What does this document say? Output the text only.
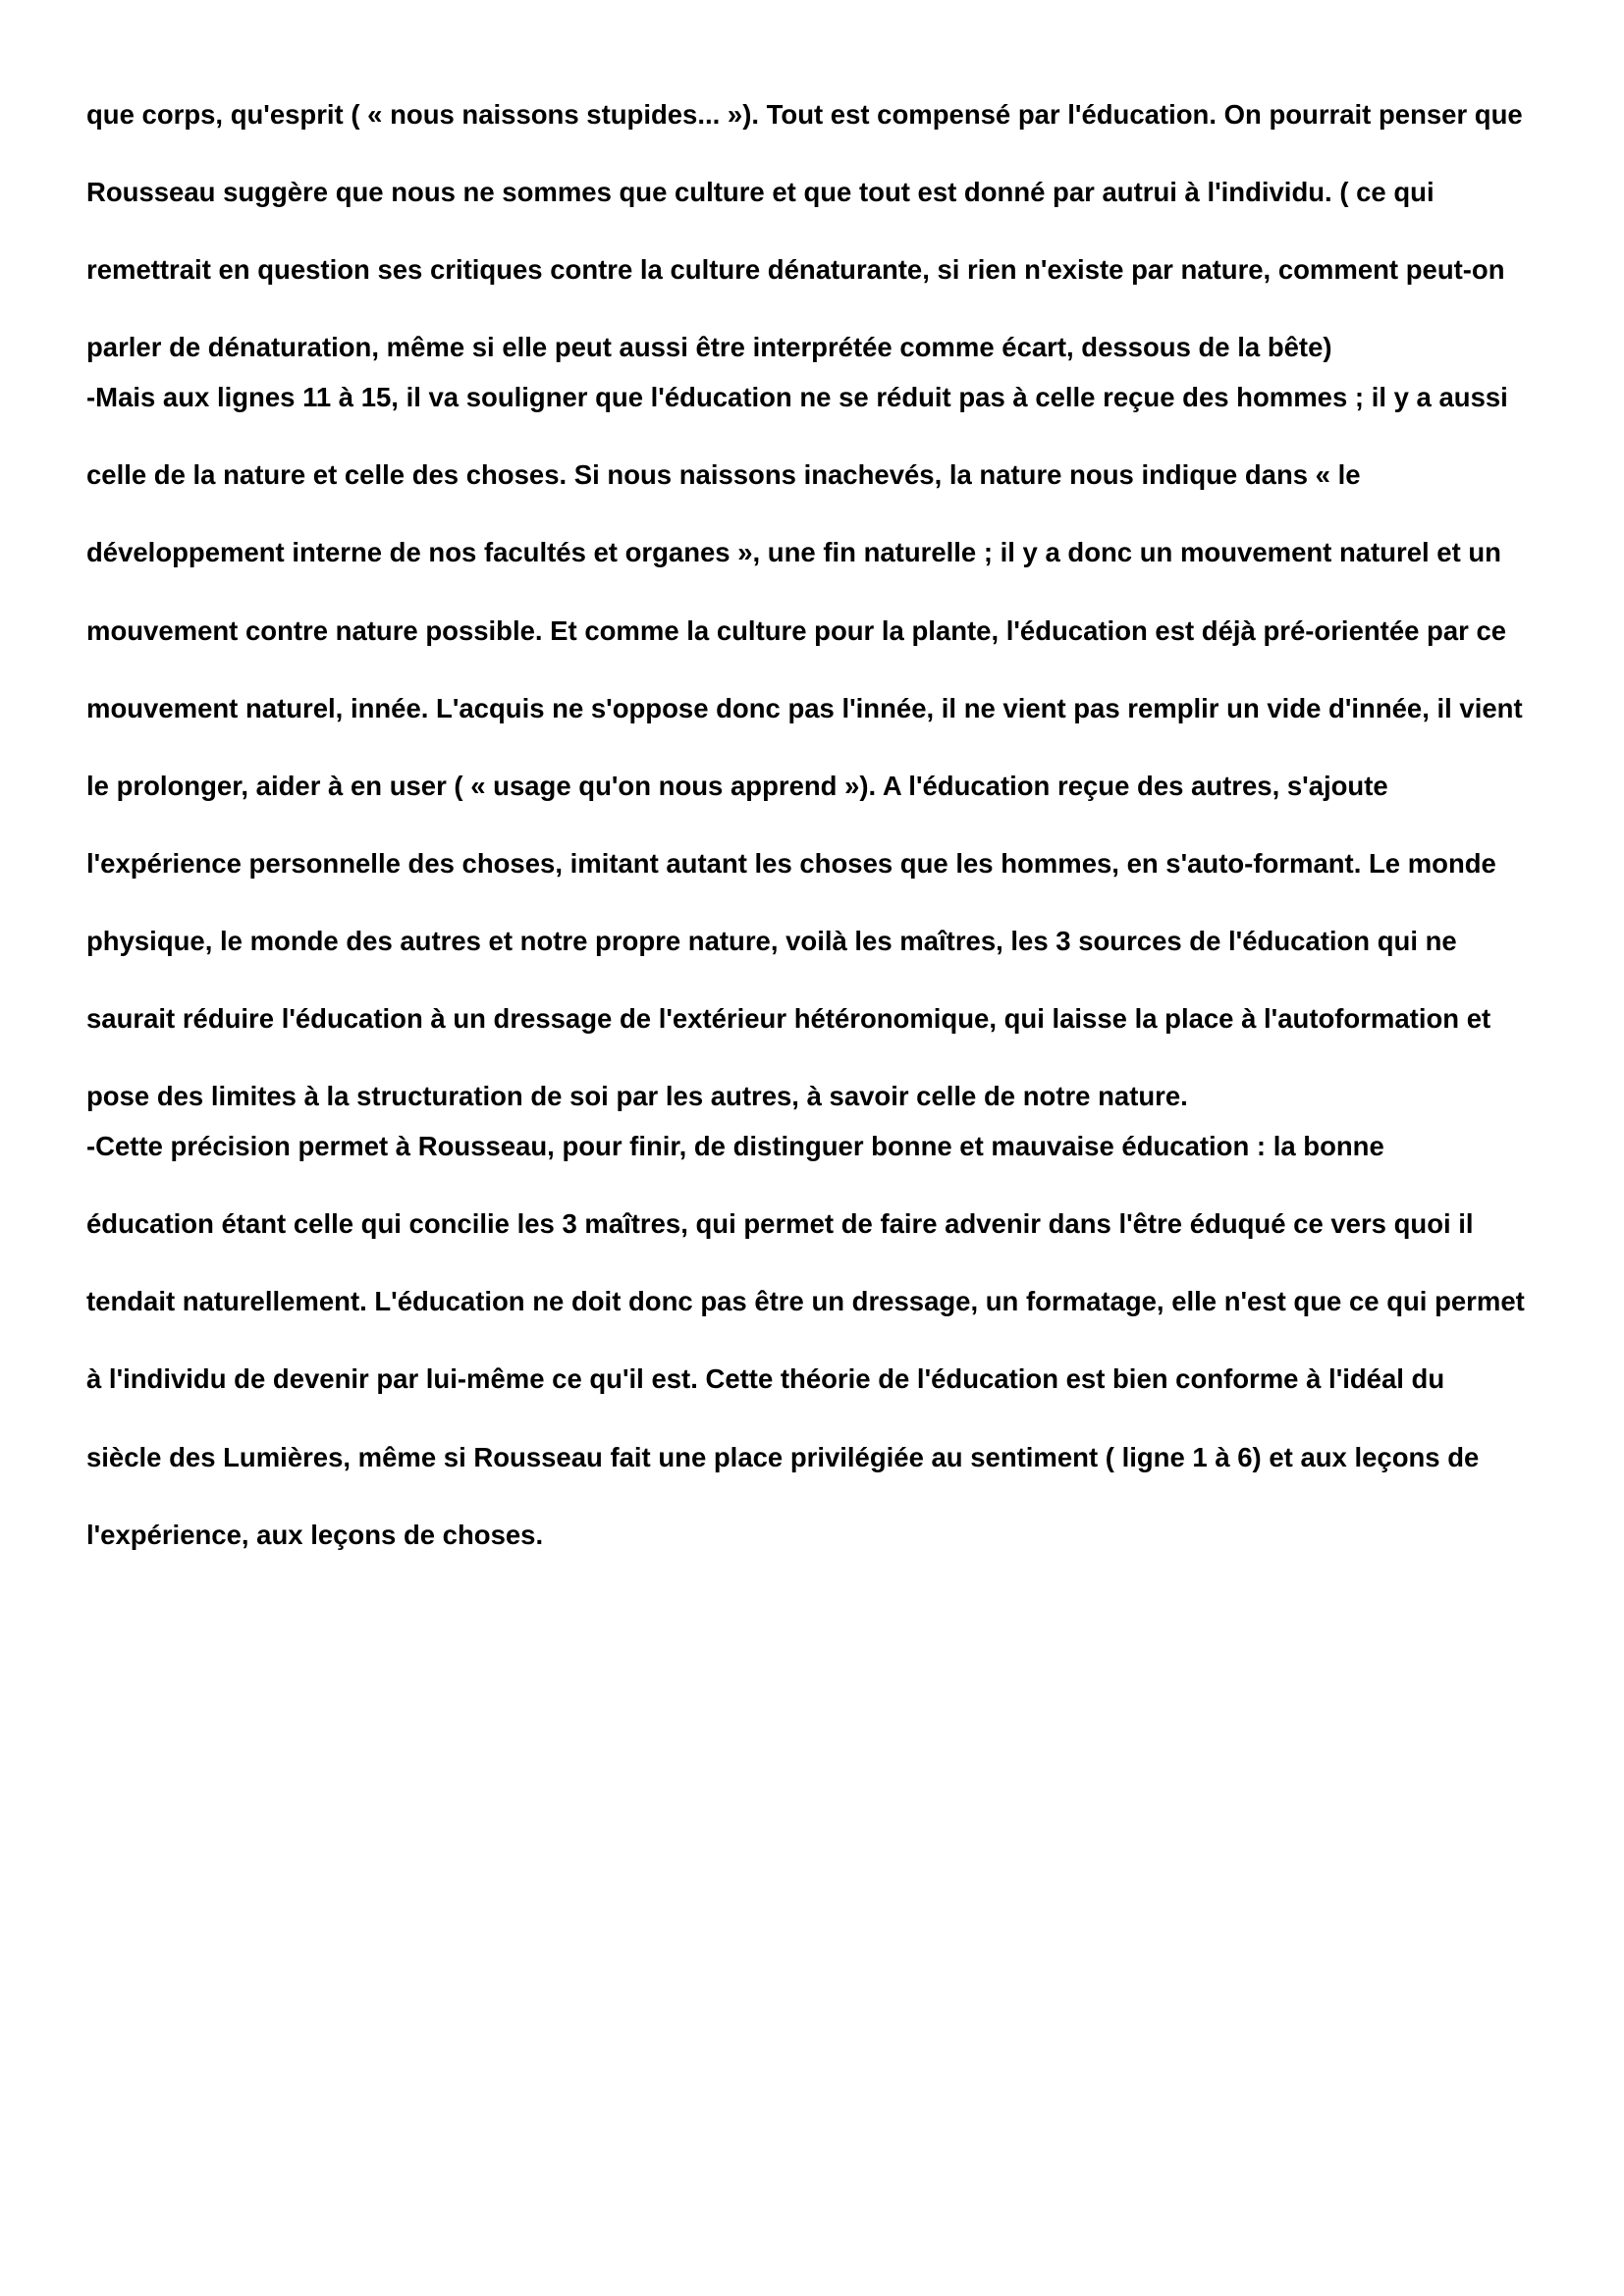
que corps, qu'esprit ( « nous naissons stupides... »). Tout est compensé par l'éducation. On pourrait penser que
Rousseau suggère que nous ne sommes que culture et que tout est donné par autrui à l'individu. ( ce qui
remettrait en question ses critiques contre la culture dénaturante, si rien n'existe par nature, comment peut-on
parler de dénaturation, même si elle peut aussi être interprétée comme écart, dessous de la bête)
-Mais aux lignes 11 à 15, il va souligner que l'éducation ne se réduit pas à celle reçue des hommes ; il y a aussi
celle de la nature et celle des choses. Si nous naissons inachevés, la nature nous indique dans « le
développement interne de nos facultés et organes », une fin naturelle ; il y a donc un mouvement naturel et un
mouvement contre nature possible. Et comme la culture pour la plante, l'éducation est déjà pré-orientée par ce
mouvement naturel, innée. L'acquis ne s'oppose donc pas l'innée, il ne vient pas remplir un vide d'innée, il vient
le prolonger, aider à en user ( « usage qu'on nous apprend »). A l'éducation reçue des autres, s'ajoute
l'expérience personnelle des choses, imitant autant les choses que les hommes, en s'auto-formant. Le monde
physique, le monde des autres et notre propre nature, voilà les maîtres, les 3 sources de l'éducation qui ne
saurait réduire l'éducation à un dressage de l'extérieur hétéronomique, qui laisse la place à l'autoformation et
pose des limites à la structuration de soi par les autres, à savoir celle de notre nature.
-Cette précision permet à Rousseau, pour finir, de distinguer bonne et mauvaise éducation : la bonne
éducation étant celle qui concilie les 3 maîtres, qui permet de faire advenir dans l'être éduqué ce vers quoi il
tendait naturellement. L'éducation ne doit donc pas être un dressage, un formatage, elle n'est que ce qui permet
à l'individu de devenir par lui-même ce qu'il est. Cette théorie de l'éducation est bien conforme à l'idéal du
siècle des Lumières, même si Rousseau fait une place privilégiée au sentiment ( ligne 1 à 6) et aux leçons de
l'expérience, aux leçons de choses.
